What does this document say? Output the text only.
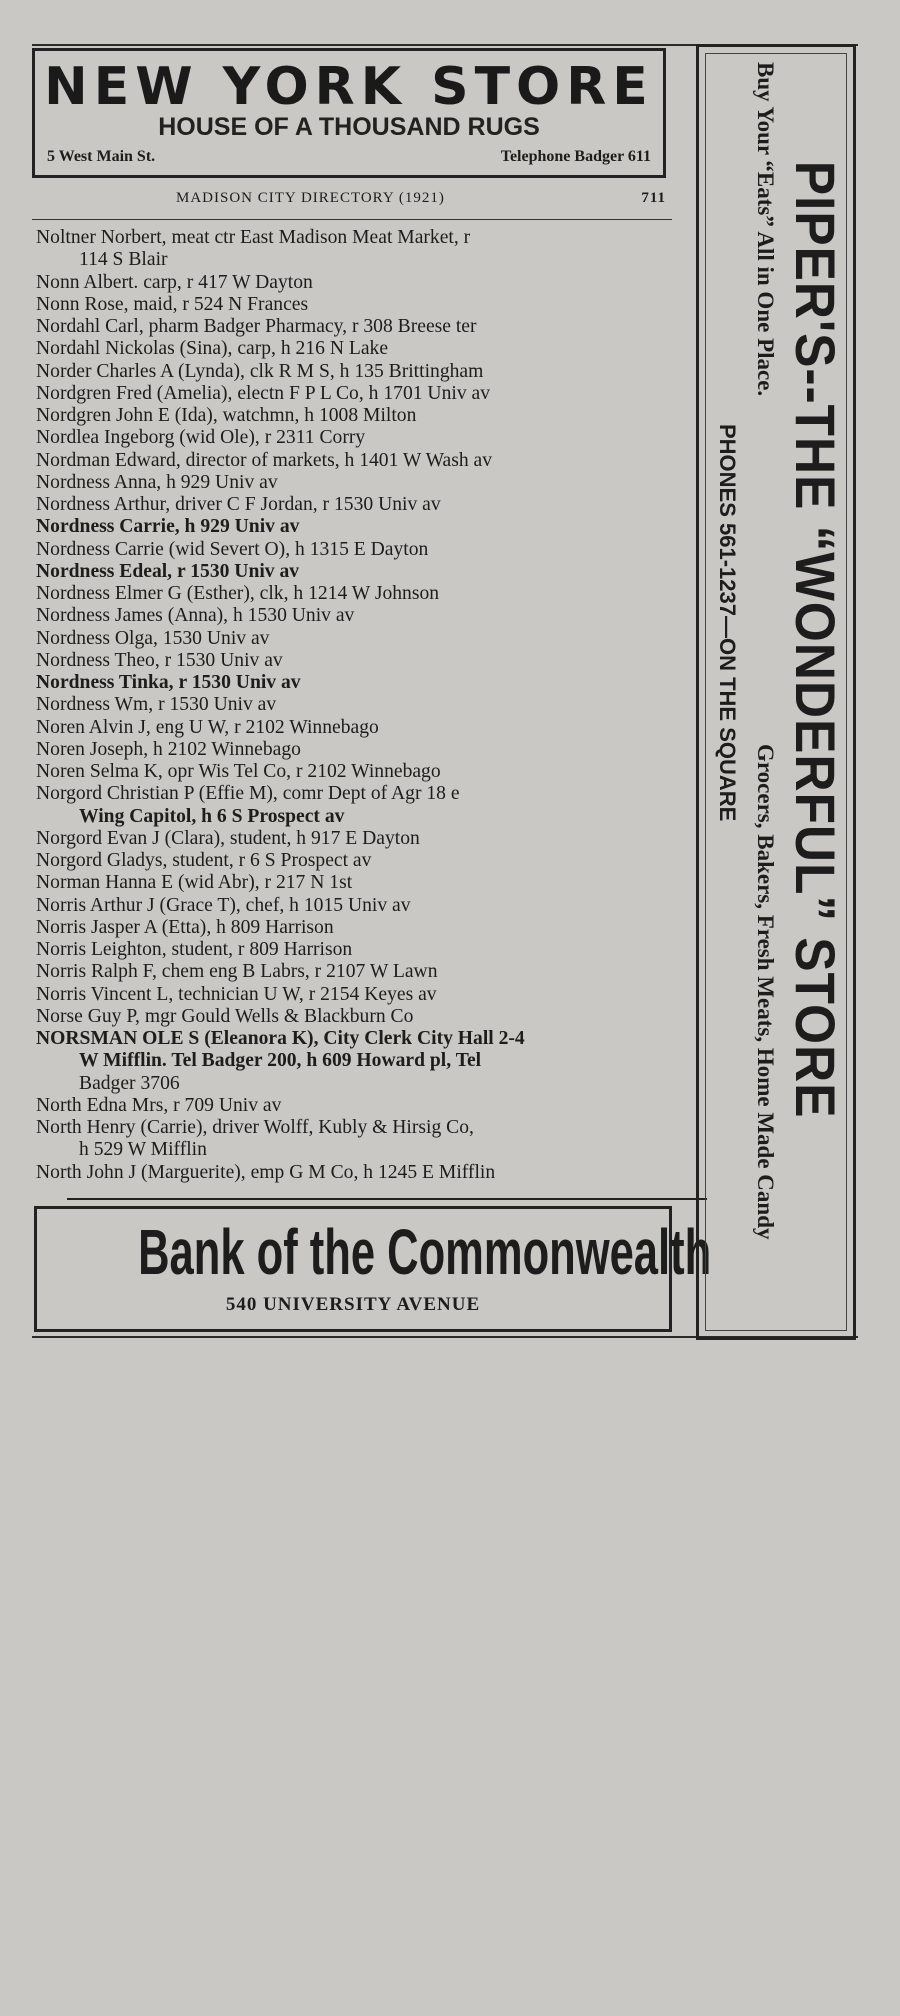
NEW YORK STORE
HOUSE OF A THOUSAND RUGS
5 West Main St.	Telephone Badger 611
MADISON CITY DIRECTORY (1921)	711
Noltner Norbert, meat ctr East Madison Meat Market, r
114 S Blair
Nonn Albert. carp, r 417 W Dayton
Nonn Rose, maid, r 524 N Frances
Nordahl Carl, pharm Badger Pharmacy, r 308 Breese ter
Nordahl Nickolas (Sina), carp, h 216 N Lake
Norder Charles A (Lynda), clk R M S, h 135 Brittingham
Nordgren Fred (Amelia), electn F P L Co, h 1701 Univ av
Nordgren John E (Ida), watchmn, h 1008 Milton
Nordlea Ingeborg (wid Ole), r 2311 Corry
Nordman Edward, director of markets, h 1401 W Wash av
Nordness Anna, h 929 Univ av
Nordness Arthur, driver C F Jordan, r 1530 Univ av
Nordness Carrie, h 929 Univ av
Nordness Carrie (wid Severt O), h 1315 E Dayton
Nordness Edeal, r 1530 Univ av
Nordness Elmer G (Esther), clk, h 1214 W Johnson
Nordness James (Anna), h 1530 Univ av
Nordness Olga, 1530 Univ av
Nordness Theo, r 1530 Univ av
Nordness Tinka, r 1530 Univ av
Nordness Wm, r 1530 Univ av
Noren Alvin J, eng U W, r 2102 Winnebago
Noren Joseph, h 2102 Winnebago
Noren Selma K, opr Wis Tel Co, r 2102 Winnebago
Norgord Christian P (Effie M), comr Dept of Agr 18 e
Wing Capitol, h 6 S Prospect av
Norgord Evan J (Clara), student, h 917 E Dayton
Norgord Gladys, student, r 6 S Prospect av
Norman Hanna E (wid Abr), r 217 N 1st
Norris Arthur J (Grace T), chef, h 1015 Univ av
Norris Jasper A (Etta), h 809 Harrison
Norris Leighton, student, r 809 Harrison
Norris Ralph F, chem eng B Labrs, r 2107 W Lawn
Norris Vincent L, technician U W, r 2154 Keyes av
Norse Guy P, mgr Gould Wells & Blackburn Co
NORSMAN OLE S (Eleanora K), City Clerk City Hall 2-4
W Mifflin. Tel Badger 200, h 609 Howard pl, Tel
Badger 3706
North Edna Mrs, r 709 Univ av
North Henry (Carrie), driver Wolff, Kubly & Hirsig Co,
h 529 W Mifflin
North John J (Marguerite), emp G M Co, h 1245 E Mifflin
Bank of the Commonwealth
540 UNIVERSITY AVENUE
PIPER'S--THE “WONDERFUL” STORE
Buy Your “Eats” All in One Place.
Grocers, Bakers, Fresh Meats, Home Made Candy
PHONES 561-1237—ON THE SQUARE
